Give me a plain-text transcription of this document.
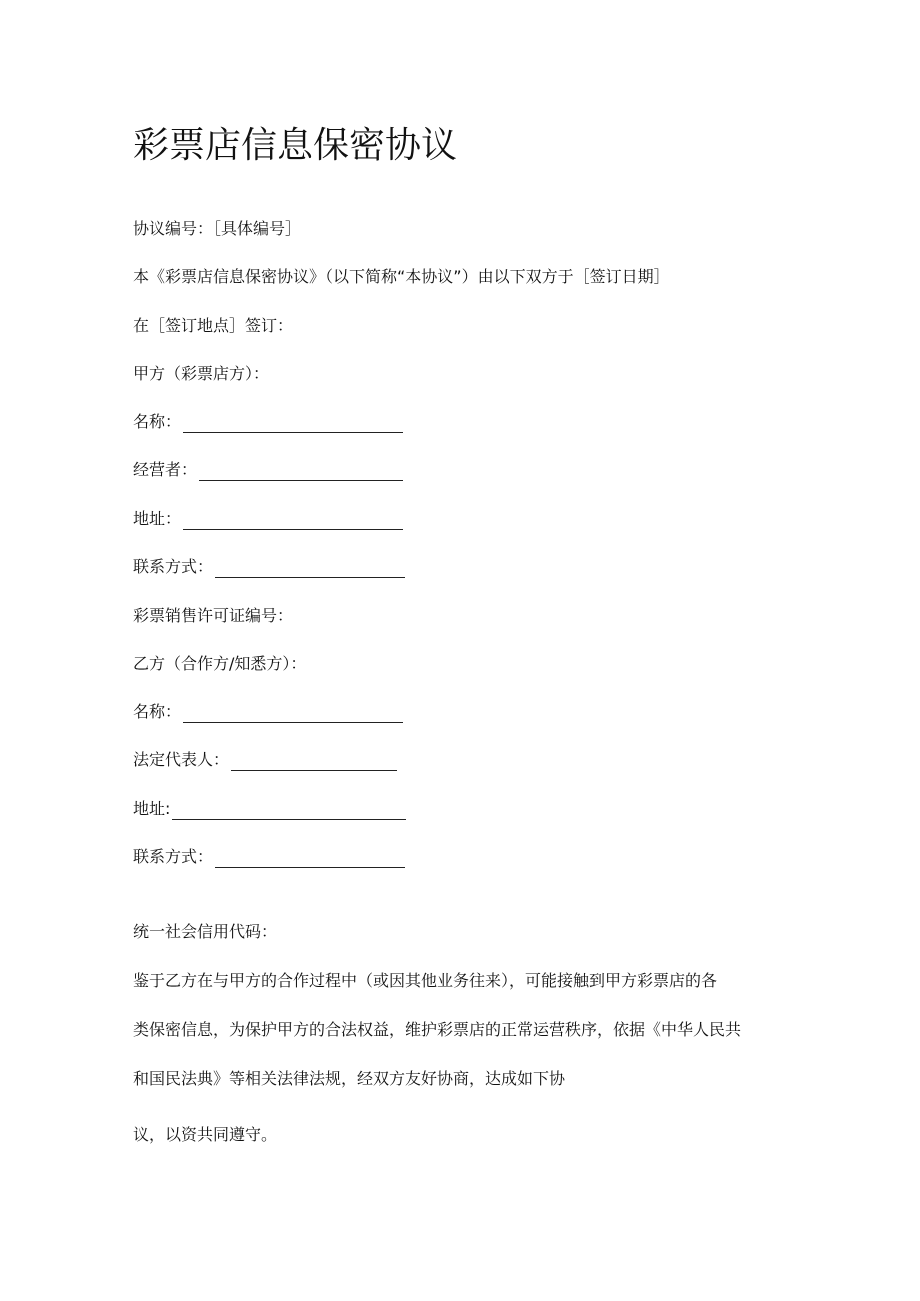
彩票店信息保密协议
协议编号：［具体编号］
本《彩票店信息保密协议》（以下简称“本协议”）由以下双方于［签订日期］
在［签订地点］签订：
甲方（彩票店方）：
名称：
经营者：
地址：
联系方式：
彩票销售许可证编号：
乙方（合作方/知悉方）：
名称：
法定代表人：
地址:
联系方式：
统一社会信用代码：
鉴于乙方在与甲方的合作过程中（或因其他业务往来），可能接触到甲方彩票店的各
类保密信息，为保护甲方的合法权益，维护彩票店的正常运营秩序，依据《中华人民共
和国民法典》等相关法律法规，经双方友好协商，达成如下协
议，以资共同遵守。
